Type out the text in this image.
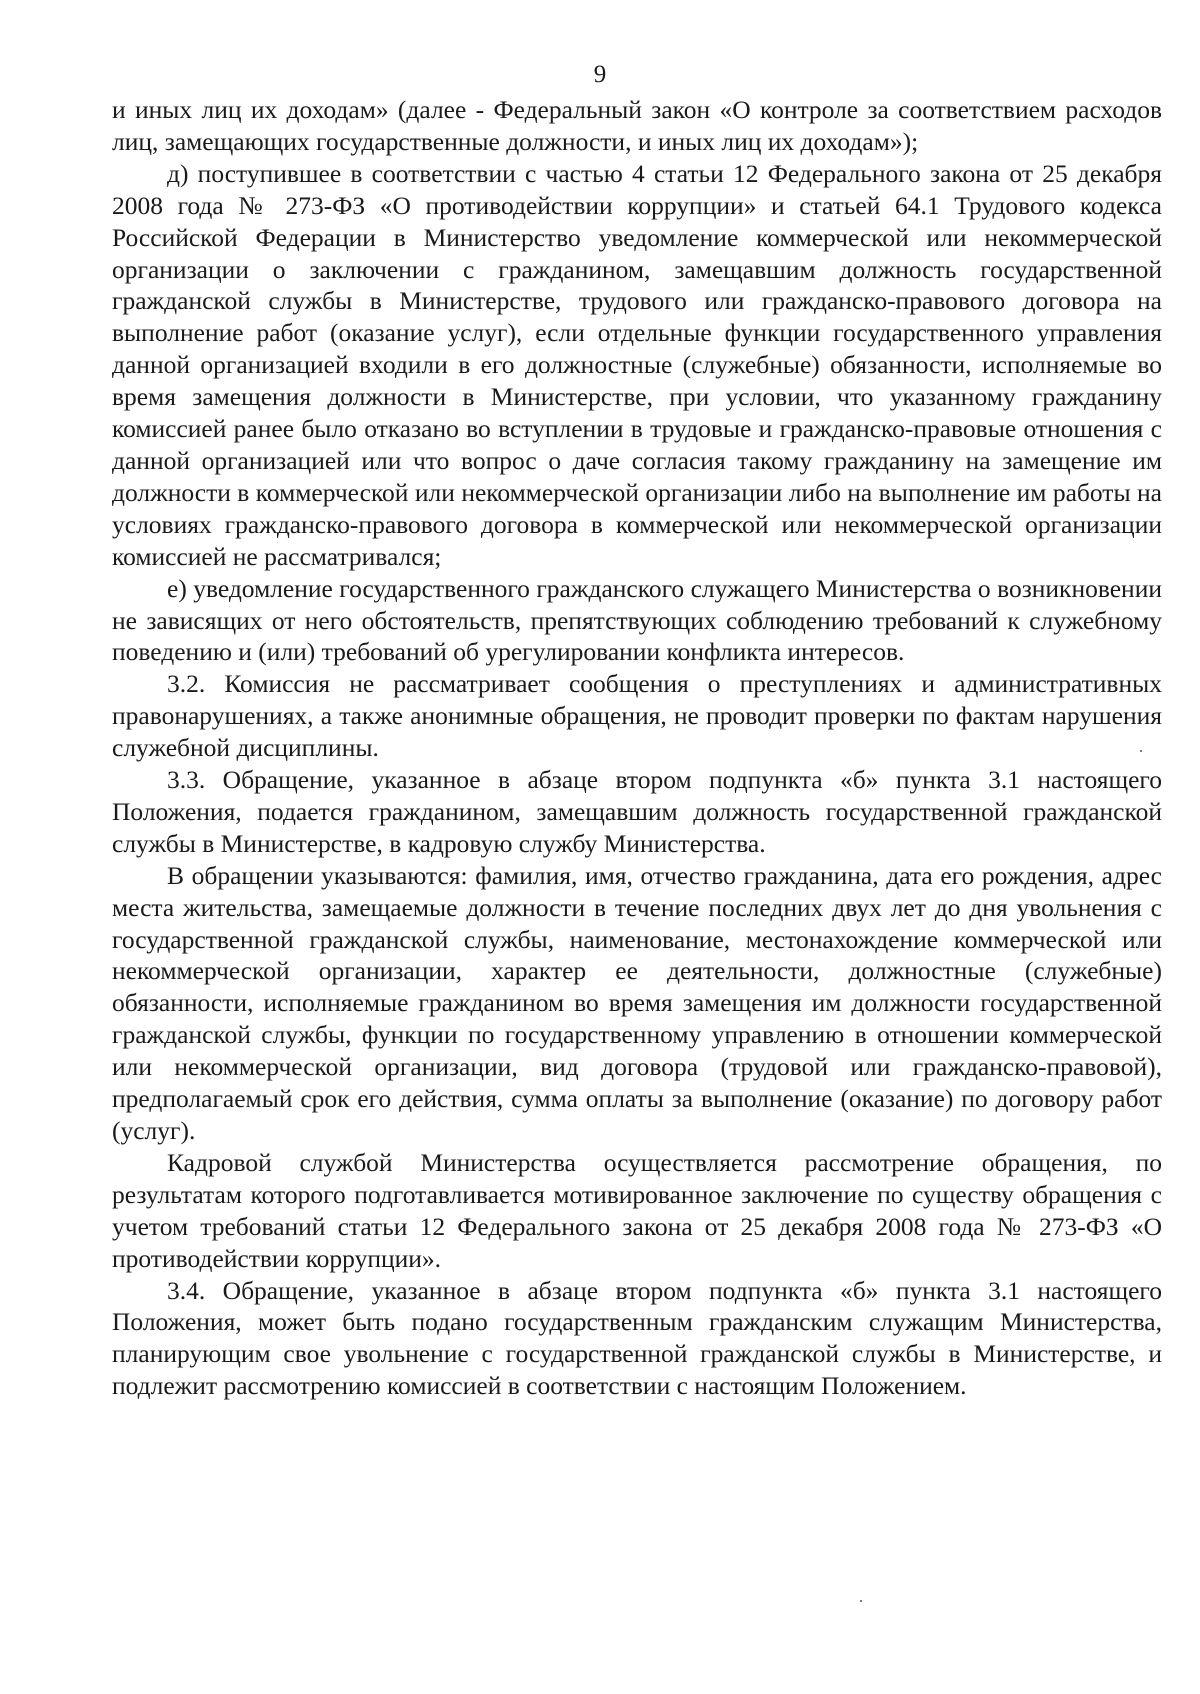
9

и иных лиц их доходам» (далее - Федеральный закон «О контроле за соответствием расходов лиц, замещающих государственные должности, и иных лиц их доходам»);

д) поступившее в соответствии с частью 4 статьи 12 Федерального закона от 25 декабря 2008 года № 273-ФЗ «О противодействии коррупции» и статьей 64.1 Трудового кодекса Российской Федерации в Министерство уведомление коммерческой или некоммерческой организации о заключении с гражданином, замещавшим должность государственной гражданской службы в Министерстве, трудового или гражданско-правового договора на выполнение работ (оказание услуг), если отдельные функции государственного управления данной организацией входили в его должностные (служебные) обязанности, исполняемые во время замещения должности в Министерстве, при условии, что указанному гражданину комиссией ранее было отказано во вступлении в трудовые и гражданско-правовые отношения с данной организацией или что вопрос о даче согласия такому гражданину на замещение им должности в коммерческой или некоммерческой организации либо на выполнение им работы на условиях гражданско-правового договора в коммерческой или некоммерческой организации комиссией не рассматривался;

е) уведомление государственного гражданского служащего Министерства о возникновении не зависящих от него обстоятельств, препятствующих соблюдению требований к служебному поведению и (или) требований об урегулировании конфликта интересов.

3.2. Комиссия не рассматривает сообщения о преступлениях и административных правонарушениях, а также анонимные обращения, не проводит проверки по фактам нарушения служебной дисциплины.

3.3. Обращение, указанное в абзаце втором подпункта «б» пункта 3.1 настоящего Положения, подается гражданином, замещавшим должность государственной гражданской службы в Министерстве, в кадровую службу Министерства.

В обращении указываются: фамилия, имя, отчество гражданина, дата его рождения, адрес места жительства, замещаемые должности в течение последних двух лет до дня увольнения с государственной гражданской службы, наименование, местонахождение коммерческой или некоммерческой организации, характер ее деятельности, должностные (служебные) обязанности, исполняемые гражданином во время замещения им должности государственной гражданской службы, функции по государственному управлению в отношении коммерческой или некоммерческой организации, вид договора (трудовой или гражданско-правовой), предполагаемый срок его действия, сумма оплаты за выполнение (оказание) по договору работ (услуг).

Кадровой службой Министерства осуществляется рассмотрение обращения, по результатам которого подготавливается мотивированное заключение по существу обращения с учетом требований статьи 12 Федерального закона от 25 декабря 2008 года № 273-ФЗ «О противодействии коррупции».

3.4. Обращение, указанное в абзаце втором подпункта «б» пункта 3.1 настоящего Положения, может быть подано государственным гражданским служащим Министерства, планирующим свое увольнение с государственной гражданской службы в Министерстве, и подлежит рассмотрению комиссией в соответствии с настоящим Положением.
